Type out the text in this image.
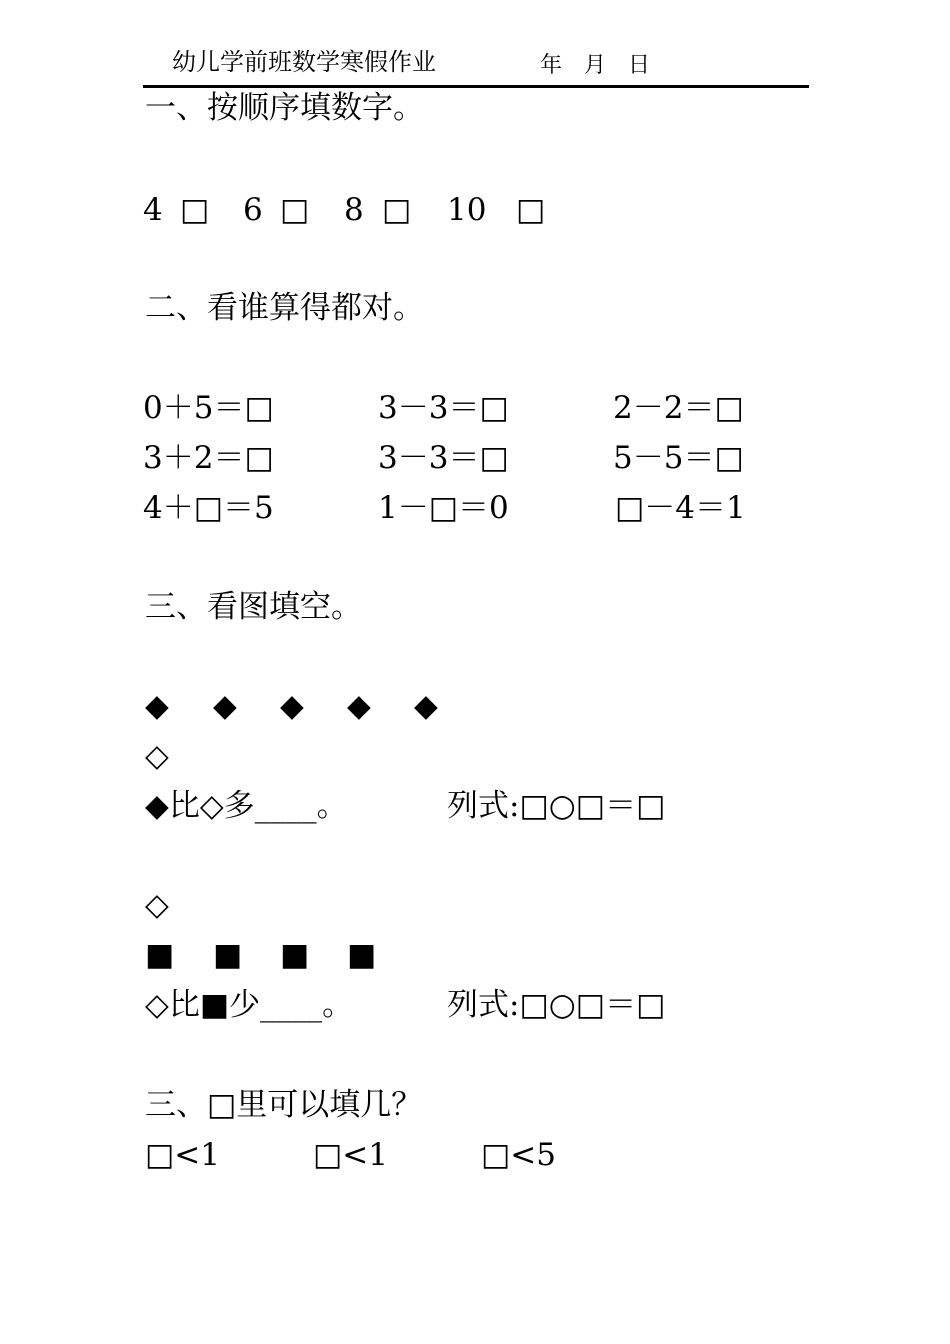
幼儿学前班数学寒假作业	年　月　日
一、按顺序填数字。
4 □ 6 □ 8 □ 10 □
二、看谁算得都对。
0＋5＝□	3－3＝□	2－2＝□
3＋2＝□	3－3＝□	5－5＝□
4＋□＝5	1－□＝0	□－4＝1
三、看图填空。
◆ ◆ ◆ ◆ ◆
◇
◆比◇多____。	列式:□○□＝□
◇
■ ■ ■ ■
◇比■少____。	列式:□○□＝□
三、□里可以填几？
□<1	□<1	□<5
